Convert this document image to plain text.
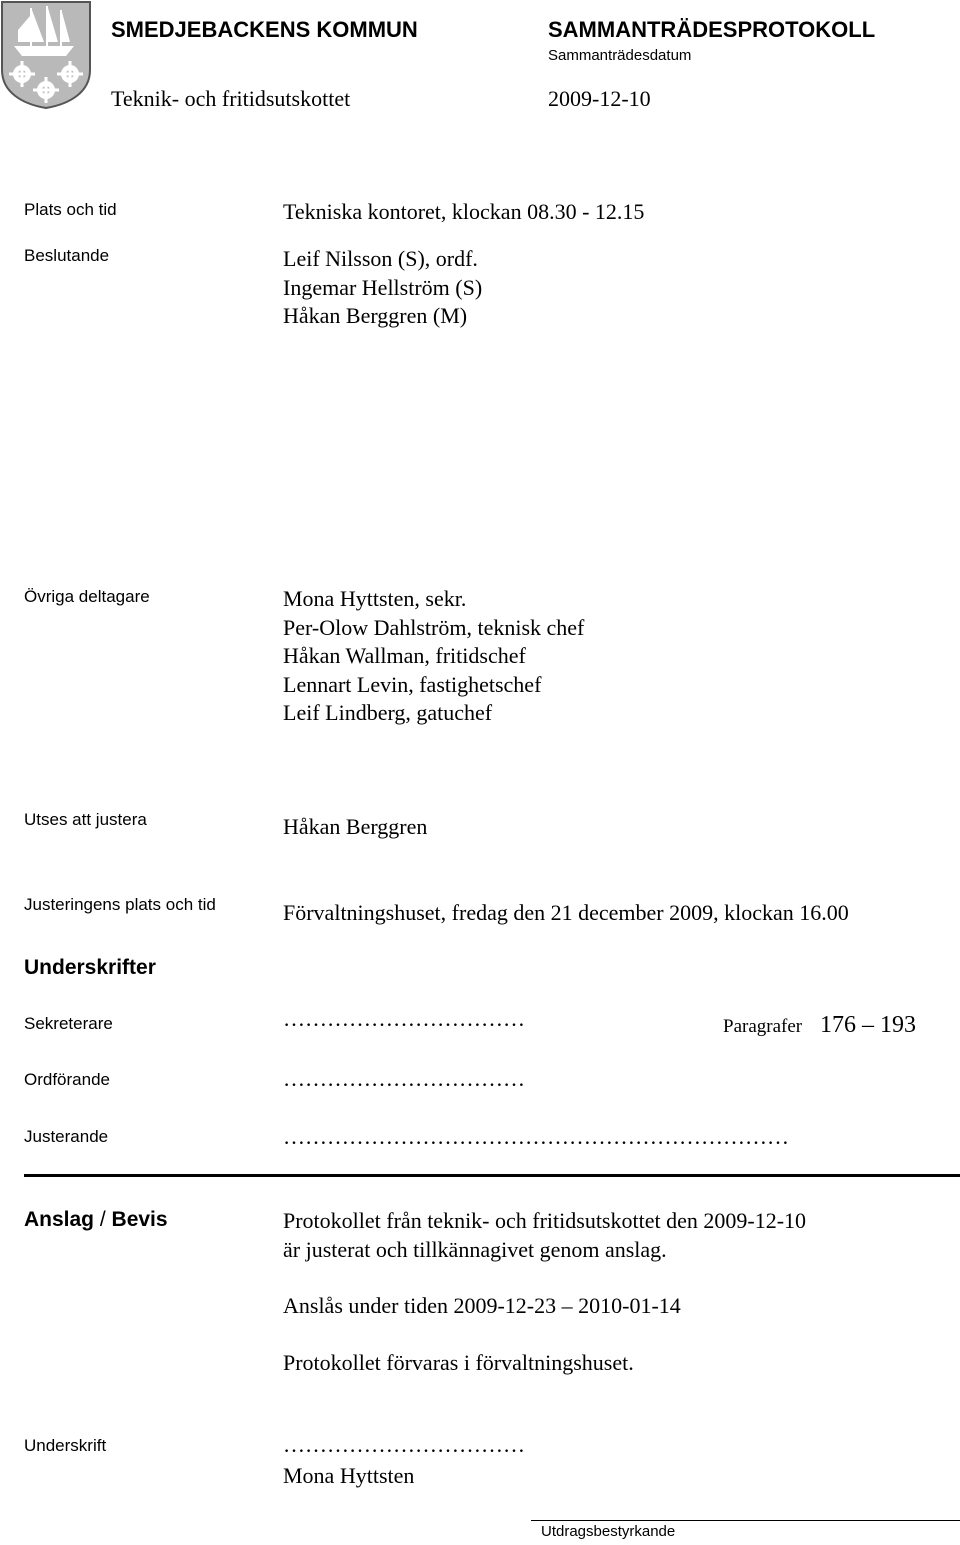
SMEDJEBACKENS KOMMUN	SAMMANTRÄDESPROTOKOLL
Sammanträdesdatum
Teknik- och fritidsutskottet	2009-12-10
Plats och tid	Tekniska kontoret, klockan 08.30 - 12.15
Beslutande	Leif Nilsson (S), ordf.
Ingemar Hellström (S)
Håkan Berggren (M)
Övriga deltagare	Mona Hyttsten, sekr.
Per-Olow Dahlström, teknisk chef
Håkan Wallman, fritidschef
Lennart Levin, fastighetschef
Leif Lindberg, gatuchef
Utses att justera	Håkan Berggren
Justeringens plats och tid	Förvaltningshuset, fredag den 21 december 2009, klockan 16.00
Underskrifter
Sekreterare	……………………………	Paragrafer 176 – 193
Ordförande	……………………………
Justerande	……………………………………………………………
Anslag / Bevis	Protokollet från teknik- och fritidsutskottet den 2009-12-10
är justerat och tillkännagivet genom anslag.
Anslås under tiden 2009-12-23 – 2010-01-14
Protokollet förvaras i förvaltningshuset.
Underskrift	……………………………
Mona Hyttsten
Utdragsbestyrkande
